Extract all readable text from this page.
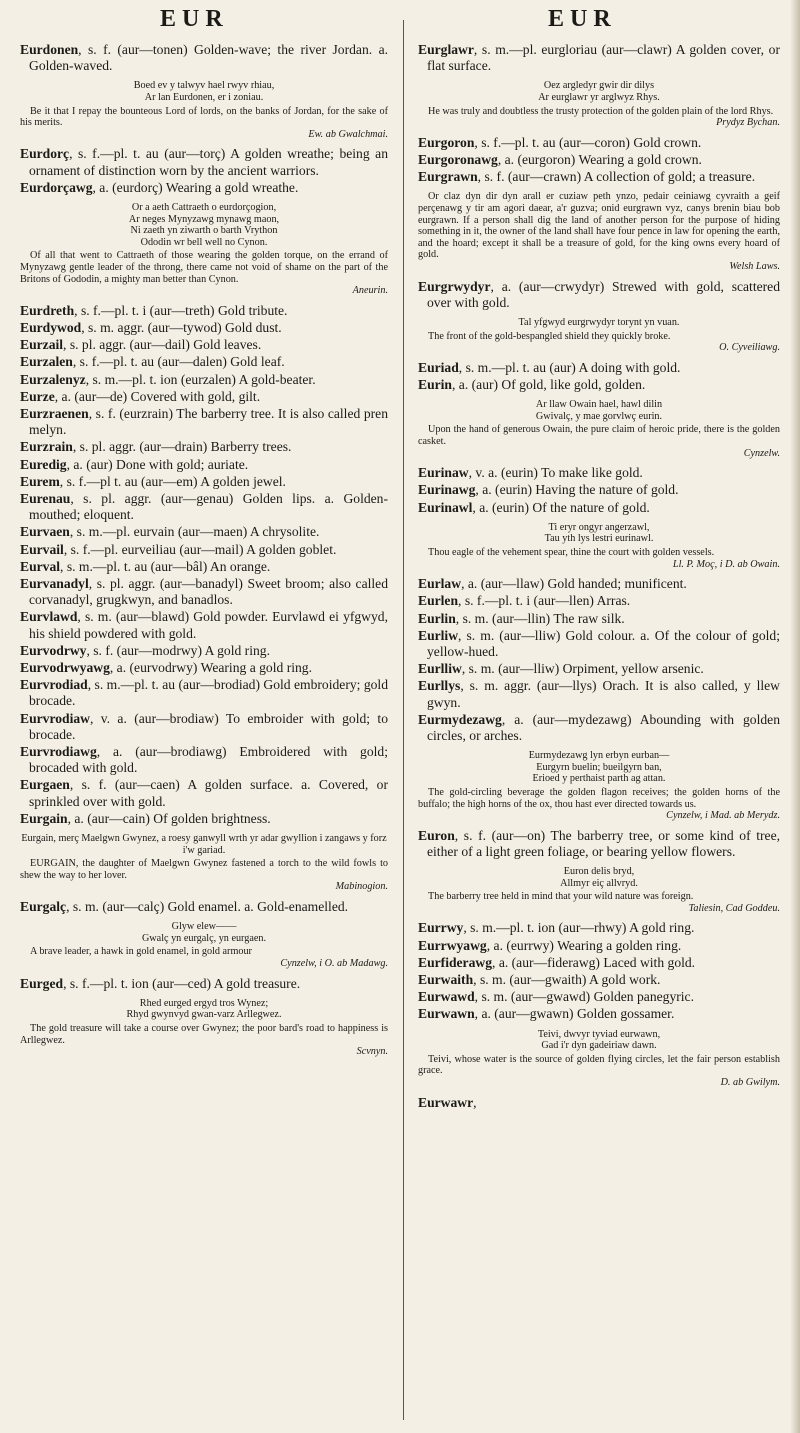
EUR	EUR
Eurdonen, s. f. (aur—tonen) Golden-wave; the river Jordan. a. Golden-waved.
Boed ev y talwyv hael rwyv rhiau,
Ar lan Eurdonen, er i zoniau.
Be it that I repay the bounteous Lord of lords, on the banks of Jordan, for the sake of his merits.
Ew. ab Gwalchmai.
Eurdorç, s. f.—pl. t. au (aur—torç) A golden wreathe; being an ornament of distinction worn by the ancient warriors.
Eurdorçawg, a. (eurdorç) Wearing a gold wreathe.
Or a aeth Cattraeth o eurdorçogion,
Ar neges Mynyzawg mynawg maon,
Ni zaeth yn ziwarth o barth Vrython
Ododin wr bell well no Cynon.
Of all that went to Cattraeth of those wearing the golden torque, on the errand of Mynyzawg gentle leader of the throng, there came not void of shame on the part of the Britons of Gododin, a mighty man better than Cynon.
Aneurin.
Eurdreth, s. f.—pl. t. i (aur—treth) Gold tribute.
Eurdywod, s. m. aggr. (aur—tywod) Gold dust.
Eurzail, s. pl. aggr. (aur—dail) Gold leaves.
Eurzalen, s. f.—pl. t. au (aur—dalen) Gold leaf.
Eurzalenyz, s. m.—pl. t. ion (eurzalen) A gold-beater.
Eurze, a. (aur—de) Covered with gold, gilt.
Eurzraenen, s. f. (eurzrain) The barberry tree. It is also called pren melyn.
Eurzrain, s. pl. aggr. (aur—drain) Barberry trees.
Euredig, a. (aur) Done with gold; auriate.
Eurem, s. f.—pl t. au (aur—em) A golden jewel.
Eurenau, s. pl. aggr. (aur—genau) Golden lips. a. Golden-mouthed; eloquent.
Eurvaen, s. m.—pl. eurvain (aur—maen) A chrysolite.
Eurvail, s. f.—pl. eurveiliau (aur—mail) A golden goblet.
Eurval, s. m.—pl. t. au (aur—bâl) An orange.
Eurvanadyl, s. pl. aggr. (aur—banadyl) Sweet broom; also called corvanadyl, grugkwyn, and banadlos.
Eurvlawd, s. m. (aur—blawd) Gold powder. Eurvlawd ei yfgwyd, his shield powdered with gold.
Eurvodrwy, s. f. (aur—modrwy) A gold ring.
Eurvodrwyawg, a. (eurvodrwy) Wearing a gold ring.
Eurvrodiad, s. m.—pl. t. au (aur—brodiad) Gold embroidery; gold brocade.
Eurvrodiaw, v. a. (aur—brodiaw) To embroider with gold; to brocade.
Eurvrodiawg, a. (aur—brodiawg) Embroidered with gold; brocaded with gold.
Eurgaen, s. f. (aur—caen) A golden surface. a. Covered, or sprinkled over with gold.
Eurgain, a. (aur—cain) Of golden brightness.
Eurgain, merç Maelgwn Gwynez, a roesy ganwyll wrth yr adar gwyllion i zangaws y forz i'w gariad.
EURGAIN, the daughter of Maelgwn Gwynez fastened a torch to the wild fowls to shew the way to her lover.
Mabinogion.
Eurgalç, s. m. (aur—calç) Gold enamel. a. Gold-enamelled.
Glyw elew——
Gwalç yn eurgalç, yn eurgaen.
A brave leader, a hawk in gold enamel, in gold armour
Cynzelw, i O. ab Madawg.
Eurged, s. f.—pl. t. ion (aur—ced) A gold treasure.
Rhed eurged ergyd tros Wynez;
Rhyd gwynvyd gwan-varz Arllegwez.
The gold treasure will take a course over Gwynez; the poor bard's road to happiness is Arllegwez.
Scvnyn.
Eurglawr, s. m.—pl. eurgloriau (aur—clawr) A golden cover, or flat surface.
Oez argledyr gwir dir dilys
Ar eurglawr yr arglwyz Rhys.
He was truly and doubtless the trusty protection of the golden plain of the lord Rhys.
Prydyz Bychan.
Eurgoron, s. f.—pl. t. au (aur—coron) Gold crown.
Eurgoronawg, a. (eurgoron) Wearing a gold crown.
Eurgrawn, s. f. (aur—crawn) A collection of gold; a treasure.
Or claz dyn dir dyn arall er cuziaw peth ynzo, pedair ceiniawg cyvraith a geif perçenawg y tir am agori daear, a'r guzva; onid eurgrawn vyz, canys brenin biau bob eurgrawn. If a person shall dig the land of another person for the purpose of hiding something in it, the owner of the land shall have four pence in law for opening the earth, and the hoard; except it shall be a treasure of gold, for the king owns every hoard of gold.
Welsh Laws.
Eurgrwydyr, a. (aur—crwydyr) Strewed with gold, scattered over with gold.
Tal yfgwyd eurgrwydyr torynt yn vuan.
The front of the gold-bespangled shield they quickly broke.
O. Cyveiliawg.
Euriad, s. m.—pl. t. au (aur) A doing with gold.
Eurin, a. (aur) Of gold, like gold, golden.
Ar llaw Owain hael, hawl dilin
Gwivalç, y mae gorvlwç eurin.
Upon the hand of generous Owain, the pure claim of heroic pride, there is the golden casket.
Cynzelw.
Eurinaw, v. a. (eurin) To make like gold.
Eurinawg, a. (eurin) Having the nature of gold.
Eurinawl, a. (eurin) Of the nature of gold.
Ti eryr ongyr angerzawl,
Tau yth lys lestri eurinawl.
Thou eagle of the vehement spear, thine the court with golden vessels.
Ll. P. Moç, i D. ab Owain.
Eurlaw, a. (aur—llaw) Gold handed; munificent.
Eurlen, s. f.—pl. t. i (aur—llen) Arras.
Eurlin, s. m. (aur—llin) The raw silk.
Eurliw, s. m. (aur—lliw) Gold colour. a. Of the colour of gold; yellow-hued.
Eurlliw, s. m. (aur—lliw) Orpiment, yellow arsenic.
Eurllys, s. m. aggr. (aur—llys) Orach. It is also called, y llew gwyn.
Eurmydezawg, a. (aur—mydezawg) Abounding with golden circles, or arches.
Eurmydezawg lyn erbyn eurban—
Eurgyrn buelin; bueilgyrn ban,
Erioed y perthaist parth ag attan.
The gold-circling beverage the golden flagon receives; the golden horns of the buffalo; the high horns of the ox, thou hast ever directed towards us.
Cynzelw, i Mad. ab Merydz.
Euron, s. f. (aur—on) The barberry tree, or some kind of tree, either of a light green foliage, or bearing yellow flowers.
Euron delis bryd,
Allmyr eiç allvryd.
The barberry tree held in mind that your wild nature was foreign.
Taliesin, Cad Goddeu.
Eurrwy, s. m.—pl. t. ion (aur—rhwy) A gold ring.
Eurrwyawg, a. (eurrwy) Wearing a golden ring.
Eurfiderawg, a. (aur—fiderawg) Laced with gold.
Eurwaith, s. m. (aur—gwaith) A gold work.
Eurwawd, s. m. (aur—gwawd) Golden panegyric.
Eurwawn, a. (aur—gwawn) Golden gossamer.
Teivi, dwvyr tyviad eurwawn,
Gad i'r dyn gadeiriaw dawn.
Teivi, whose water is the source of golden flying circles, let the fair person establish grace.
D. ab Gwilym.
Eurwawr,
